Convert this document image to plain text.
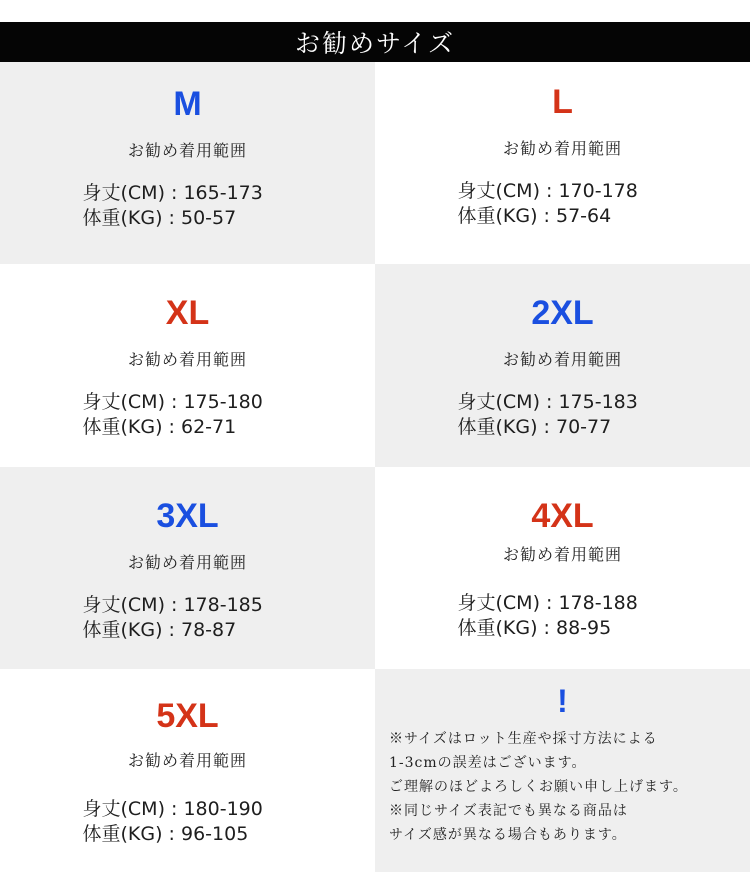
お勧めサイズ
M
お勧め着用範囲
身丈(CM) : 165-173
体重(KG) : 50-57
L
お勧め着用範囲
身丈(CM) : 170-178
体重(KG) : 57-64
XL
お勧め着用範囲
身丈(CM) : 175-180
体重(KG) : 62-71
2XL
お勧め着用範囲
身丈(CM) : 175-183
体重(KG) : 70-77
3XL
お勧め着用範囲
身丈(CM) : 178-185
体重(KG) : 78-87
4XL
お勧め着用範囲
身丈(CM) : 178-188
体重(KG) : 88-95
5XL
お勧め着用範囲
身丈(CM) : 180-190
体重(KG) : 96-105
!
※サイズはロット生産や採寸方法による
1-3cmの誤差はございます。
ご理解のほどよろしくお願い申し上げます。
※同じサイズ表記でも異なる商品は
サイズ感が異なる場合もあります。
